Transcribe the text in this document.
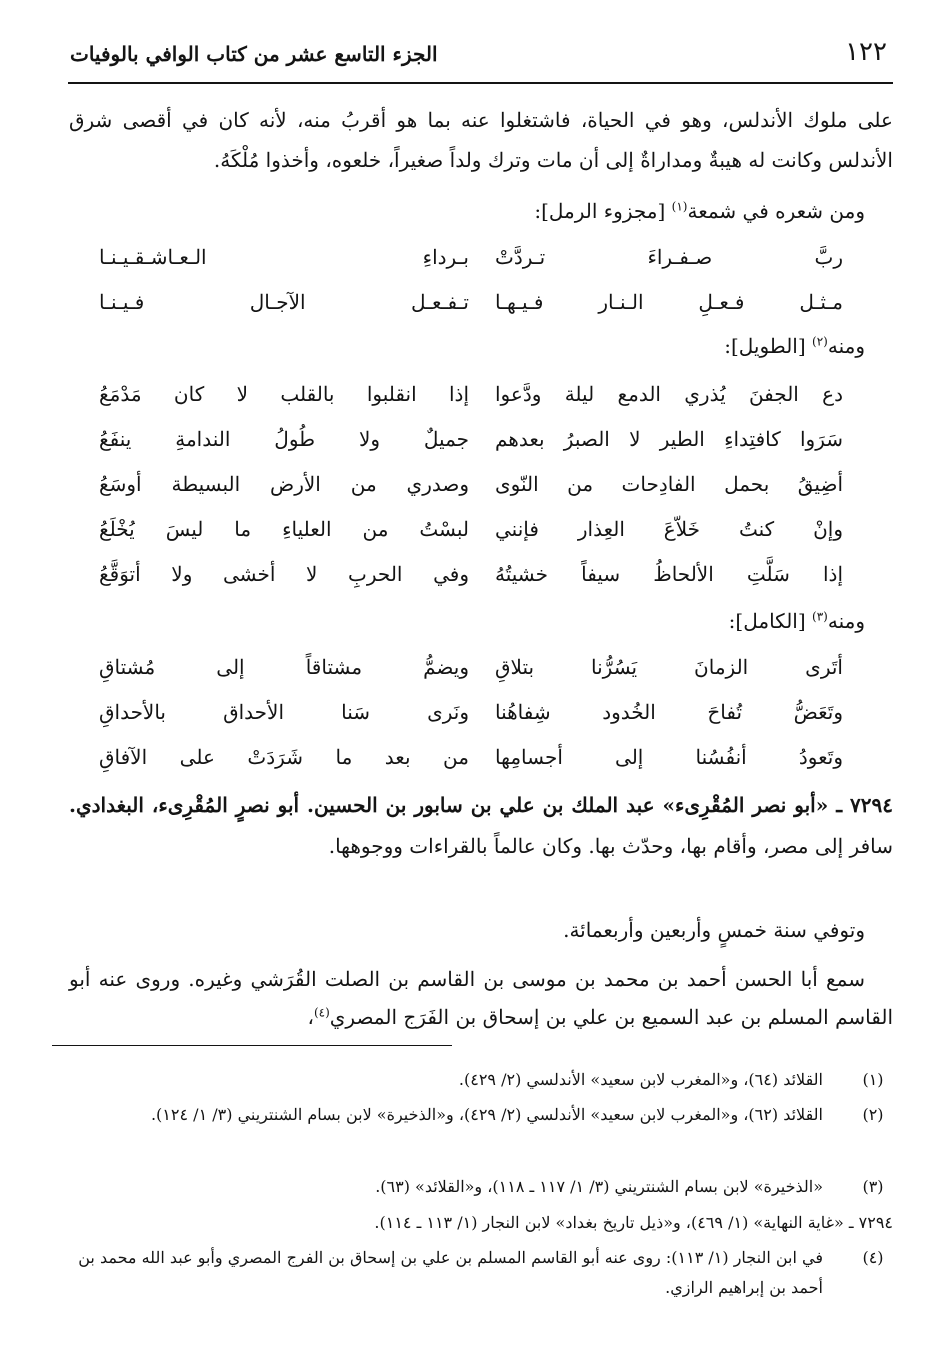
١٢٢
الجزء التاسع عشر من كتاب الوافي بالوفيات
على ملوك الأندلس، وهو في الحياة، فاشتغلوا عنه بما هو أقربُ منه، لأنه كان في أقصى شرق الأندلس وكانت له هيبةٌ ومداراةٌ إلى أن مات وترك ولداً صغيراً، خلعوه، وأخذوا مُلْكَهُ.
ومن شعره في شمعة$^{(١)}$ [مجزوء الرمل]:
ربَّ صـفـراءَ تـردَّتْ
بـرداءِ الـعـاشـقـيـنـا
مـثـل فـعـلِ الـنـار فـيـهـا
تـفـعـل الآجـال فـيـنـا
ومنه$^{(٢)}$ [الطويل]:
دع الجفنَ يُذري الدمع ليلة ودَّعوا
إذا انقلبوا بالقلب لا كان مَدْمَعُ
سَرَوا كافتِداءِ الطير لا الصبرُ بعدهم
جميلٌ ولا طُولُ الندامةِ ينفَعُ
أضِيقُ بحمل الفادِحات من النّوى
وصدري من الأرض البسيطة أوسَعُ
وإنْ كنتُ خَلاّعَ العِذار فإنني
لبسْتُ من العلياءِ ما ليسَ يُخْلَعُ
إذا سَلَّتِ الألحاظُ سيفاً خشيتُهُ
وفي الحربِ لا أخشى ولا أتوَقَّعُ
ومنه$^{(٣)}$ [الكامل]:
أتَرى الزمانَ يَسُرُّنا بتلاقِ
ويضمُّ مشتاقاً إلى مُشتاقِ
وتَعَضُّ تُفاحَ الخُدود شِفاهُنا
ونَرى سَنا الأحداق بالأحداقِ
وتَعودُ أنفُسُنا إلى أجسامِها
من بعد ما شَرَدَتْ على الآفاقِ
٧٢٩٤ ـ «أبو نصر المُقْرِىء» عبد الملك بن علي بن سابور بن الحسين. أبو نصرٍ المُقْرِىء، البغدادي. سافر إلى مصر، وأقام بها، وحدّث بها. وكان عالماً بالقراءات ووجوهها.
وتوفي سنة خمسٍ وأربعين وأربعمائة.
سمع أبا الحسن أحمد بن محمد بن موسى بن القاسم بن الصلت القُرَشي وغيره. وروى عنه أبو القاسم المسلم بن عبد السميع بن علي بن إسحاق بن الفَرَج المصري$^{(٤)}$،
(١)
القلائد (٦٤)، و«المغرب لابن سعيد» الأندلسي (٢/ ٤٢٩).
(٢)
القلائد (٦٢)، و«المغرب لابن سعيد» الأندلسي (٢/ ٤٢٩)، و«الذخيرة» لابن بسام الشنتريني (٣/ ١/ ١٢٤).
(٣)
«الذخيرة» لابن بسام الشنتريني (٣/ ١/ ١١٧ ـ ١١٨)، و«القلائد» (٦٣).
٧٢٩٤ ـ «غاية النهاية» (١/ ٤٦٩)، و«ذيل تاريخ بغداد» لابن النجار (١/ ١١٣ ـ ١١٤).
(٤)
في ابن النجار (١/ ١١٣): روى عنه أبو القاسم المسلم بن علي بن إسحاق بن الفرج المصري وأبو عبد الله محمد بن أحمد بن إبراهيم الرازي.
